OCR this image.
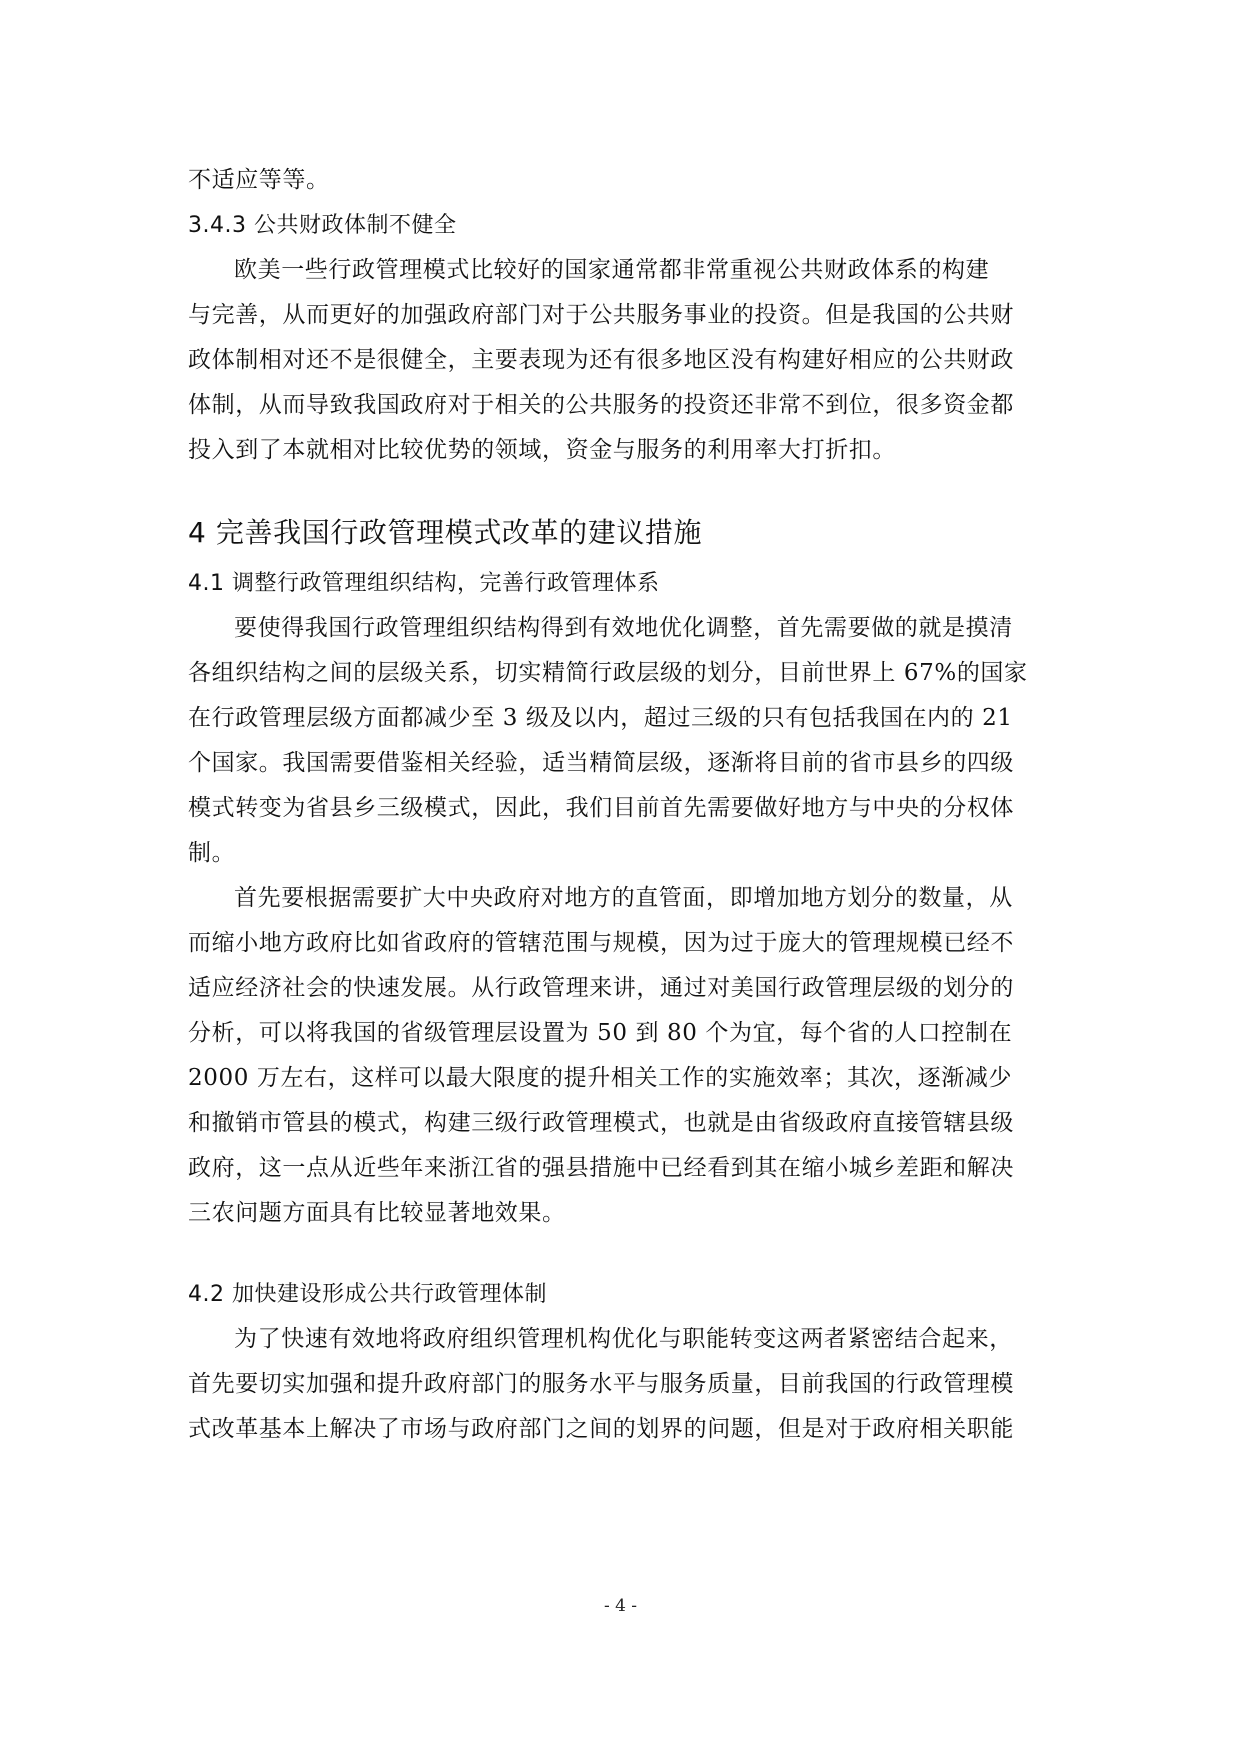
不适应等等。
3.4.3 公共财政体制不健全
欧美一些行政管理模式比较好的国家通常都非常重视公共财政体系的构建
与完善，从而更好的加强政府部门对于公共服务事业的投资。但是我国的公共财
政体制相对还不是很健全，主要表现为还有很多地区没有构建好相应的公共财政
体制，从而导致我国政府对于相关的公共服务的投资还非常不到位，很多资金都
投入到了本就相对比较优势的领域，资金与服务的利用率大打折扣。
4 完善我国行政管理模式改革的建议措施
4.1 调整行政管理组织结构，完善行政管理体系
要使得我国行政管理组织结构得到有效地优化调整，首先需要做的就是摸清
各组织结构之间的层级关系，切实精简行政层级的划分，目前世界上 67%的国家
在行政管理层级方面都减少至 3 级及以内，超过三级的只有包括我国在内的 21
个国家。我国需要借鉴相关经验，适当精简层级，逐渐将目前的省市县乡的四级
模式转变为省县乡三级模式，因此，我们目前首先需要做好地方与中央的分权体
制。
首先要根据需要扩大中央政府对地方的直管面，即增加地方划分的数量，从
而缩小地方政府比如省政府的管辖范围与规模，因为过于庞大的管理规模已经不
适应经济社会的快速发展。从行政管理来讲，通过对美国行政管理层级的划分的
分析，可以将我国的省级管理层设置为 50 到 80 个为宜，每个省的人口控制在
2000 万左右，这样可以最大限度的提升相关工作的实施效率；其次，逐渐减少
和撤销市管县的模式，构建三级行政管理模式，也就是由省级政府直接管辖县级
政府，这一点从近些年来浙江省的强县措施中已经看到其在缩小城乡差距和解决
三农问题方面具有比较显著地效果。
4.2 加快建设形成公共行政管理体制
为了快速有效地将政府组织管理机构优化与职能转变这两者紧密结合起来，
首先要切实加强和提升政府部门的服务水平与服务质量，目前我国的行政管理模
式改革基本上解决了市场与政府部门之间的划界的问题，但是对于政府相关职能
- 4 -
